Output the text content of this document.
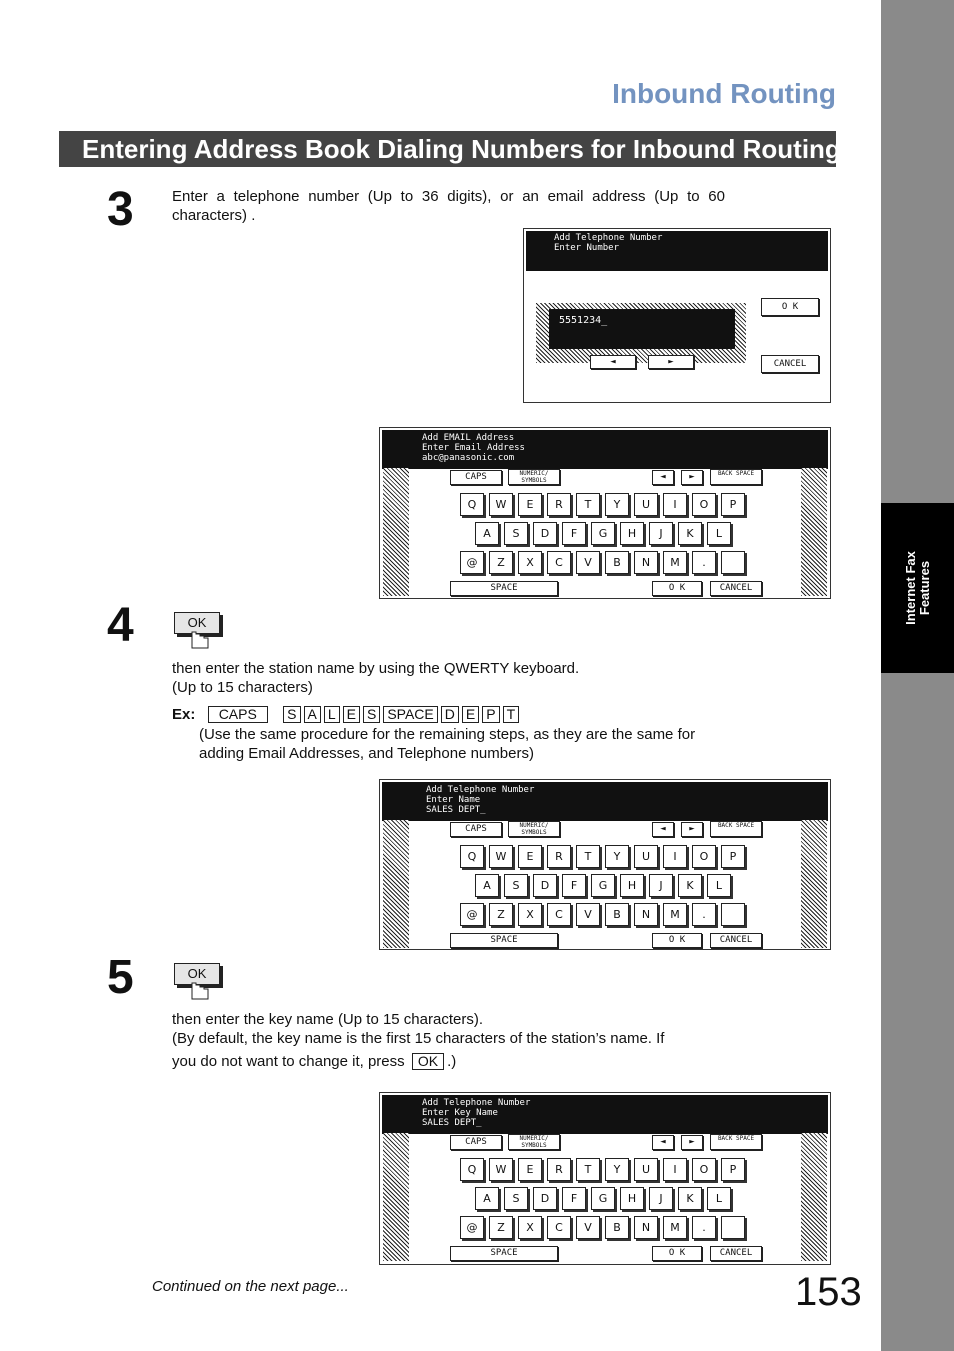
Internet Fax Features
Inbound Routing
Entering Address Book Dialing Numbers for Inbound Routing
3	Enter a telephone number (Up to 36 digits), or an email address (Up to 60 characters) .
Add Telephone Number
Enter Number
5551234_
◄	►
O K
CANCEL
Add EMAIL Address
Enter Email Address
abc@panasonic.com
CAPS	NUMERIC/ SYMBOLS	◄	►	BACK SPACE
SPACE	O K	CANCEL
Q	W	E	R	T	Y	U	I	O	P
A	S	D	F	G	H	J	K	L
@	Z	X	C	V	B	N	M	.
Add Telephone Number
Enter Name
SALES DEPT_
CAPS	NUMERIC/ SYMBOLS	◄	►	BACK SPACE
SPACE	O K	CANCEL
Q	W	E	R	T	Y	U	I	O	P
A	S	D	F	G	H	J	K	L
@	Z	X	C	V	B	N	M	.
Add Telephone Number
Enter Key Name
SALES DEPT_
CAPS	NUMERIC/ SYMBOLS	◄	►	BACK SPACE
SPACE	O K	CANCEL
Q	W	E	R	T	Y	U	I	O	P
A	S	D	F	G	H	J	K	L
@	Z	X	C	V	B	N	M	.
4	OK
then enter the station name by using the QWERTY keyboard.
(Up to 15 characters)
Ex: CAPS S A L E S SPACE D E P T
(Use the same procedure for the remaining steps, as they are the same for
adding Email Addresses, and Telephone numbers)
5	OK
then enter the key name (Up to 15 characters).
(By default, the key name is the first 15 characters of the station’s name. If
you do not want to change it, press OK .)
Continued on the next page...	153
